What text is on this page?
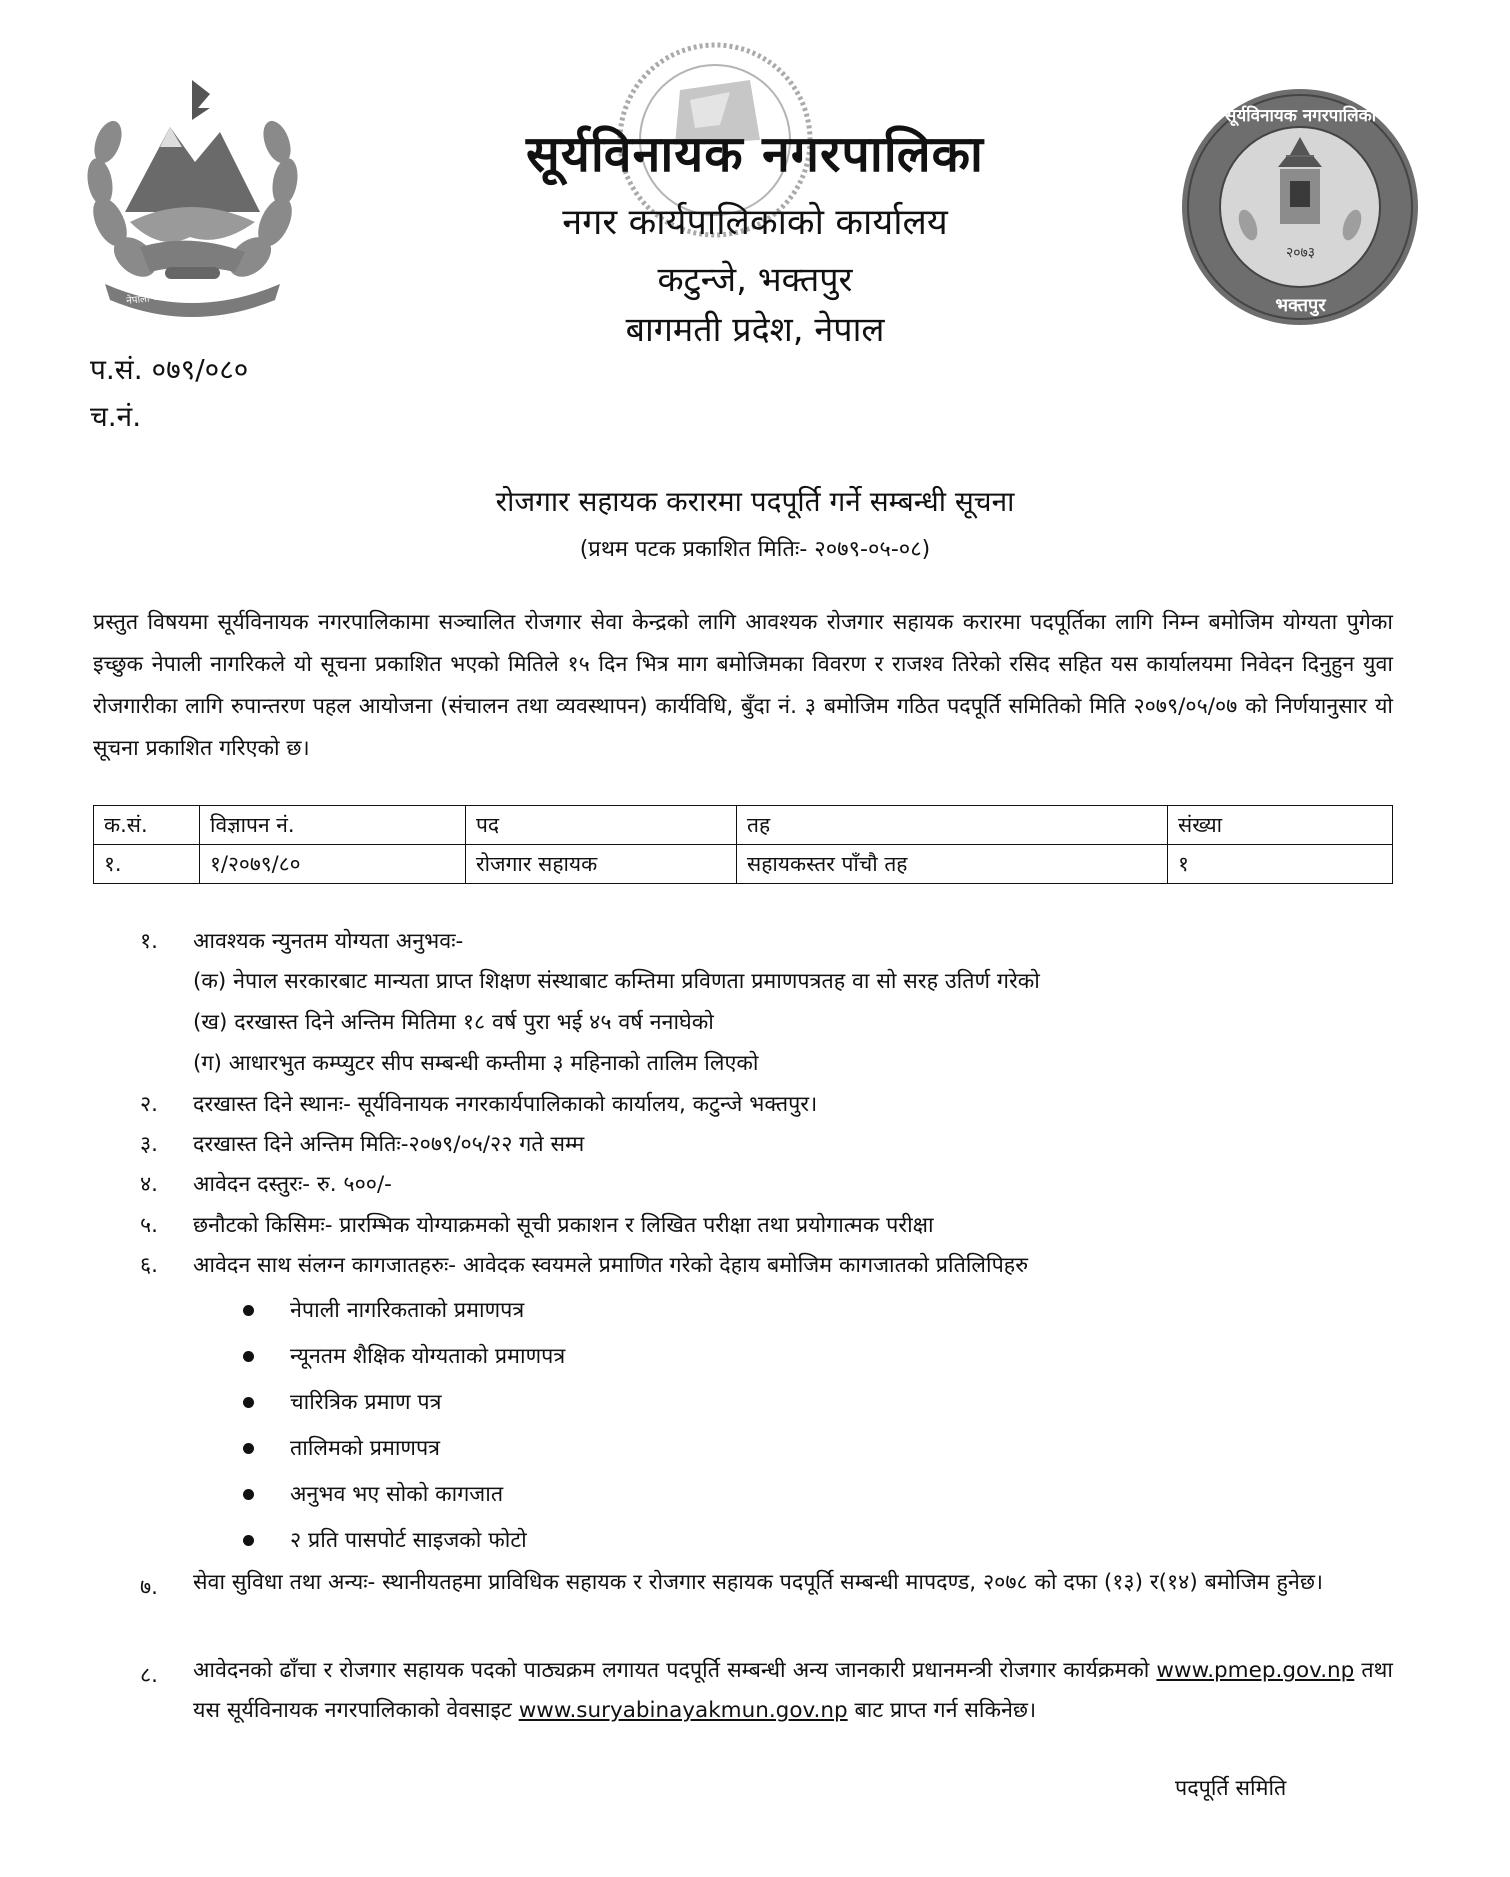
नेपाली जनप्रतिनिधि जनसेवी सर्वोत्तम
सूर्यविनायक नगरपालिका
२०७३
भक्तपुर
सूर्यविनायक नगरपालिका
नगर कार्यपालिकाको कार्यालय
कटुन्जे, भक्तपुर
बागमती प्रदेश, नेपाल
प.सं. ०७९/०८०
च.नं.
रोजगार सहायक करारमा पदपूर्ति गर्ने सम्बन्धी सूचना
(प्रथम पटक प्रकाशित मितिः- २०७९-०५-०८)
प्रस्तुत विषयमा सूर्यविनायक नगरपालिकामा सञ्चालित रोजगार सेवा केन्द्रको लागि आवश्यक रोजगार सहायक करारमा पदपूर्तिका लागि निम्न बमोजिम योग्यता पुगेका इच्छुक नेपाली नागरिकले यो सूचना प्रकाशित भएको मितिले १५ दिन भित्र माग बमोजिमका विवरण र राजश्व तिरेको रसिद सहित यस कार्यालयमा निवेदन दिनुहुन युवा रोजगारीका लागि रुपान्तरण पहल आयोजना (संचालन तथा व्यवस्थापन) कार्यविधि, बुँदा नं. ३ बमोजिम गठित पदपूर्ति समितिको मिति २०७९/०५/०७ को निर्णयानुसार यो सूचना प्रकाशित गरिएको छ।
क.सं.	विज्ञापन नं.	पद	तह	संख्या
१.	१/२०७९/८०	रोजगार सहायक	सहायकस्तर पाँचौ तह	१
१. आवश्यक न्युनतम योग्यता अनुभवः-
(क) नेपाल सरकारबाट मान्यता प्राप्त शिक्षण संस्थाबाट कम्तिमा प्रविणता प्रमाणपत्रतह वा सो सरह उतिर्ण गरेको
(ख) दरखास्त दिने अन्तिम मितिमा १८ वर्ष पुरा भई ४५ वर्ष ननाघेको
(ग) आधारभुत कम्प्युटर सीप सम्बन्धी कम्तीमा ३ महिनाको तालिम लिएको
२. दरखास्त दिने स्थानः- सूर्यविनायक नगरकार्यपालिकाको कार्यालय, कटुन्जे भक्तपुर।
३. दरखास्त दिने अन्तिम मितिः-२०७९/०५/२२ गते सम्म
४. आवेदन दस्तुरः- रु. ५००/-
५. छनौटको किसिमः- प्रारम्भिक योग्याक्रमको सूची प्रकाशन र लिखित परीक्षा तथा प्रयोगात्मक परीक्षा
६. आवेदन साथ संलग्न कागजातहरुः- आवेदक स्वयमले प्रमाणित गरेको देहाय बमोजिम कागजातको प्रतिलिपिहरु
नेपाली नागरिकताको प्रमाणपत्र
न्यूनतम शैक्षिक योग्यताको प्रमाणपत्र
चारित्रिक प्रमाण पत्र
तालिमको प्रमाणपत्र
अनुभव भए सोको कागजात
२ प्रति पासपोर्ट साइजको फोटो
७. सेवा सुविधा तथा अन्यः- स्थानीयतहमा प्राविधिक सहायक र रोजगार सहायक पदपूर्ति सम्बन्धी मापदण्ड, २०७८ को दफा (१३) र(१४) बमोजिम हुनेछ।
८. आवेदनको ढाँचा र रोजगार सहायक पदको पाठ्यक्रम लगायत पदपूर्ति सम्बन्धी अन्य जानकारी प्रधानमन्त्री रोजगार कार्यक्रमको www.pmep.gov.np तथा यस सूर्यविनायक नगरपालिकाको वेवसाइट www.suryabinayakmun.gov.np बाट प्राप्त गर्न सकिनेछ।
पदपूर्ति समिति
